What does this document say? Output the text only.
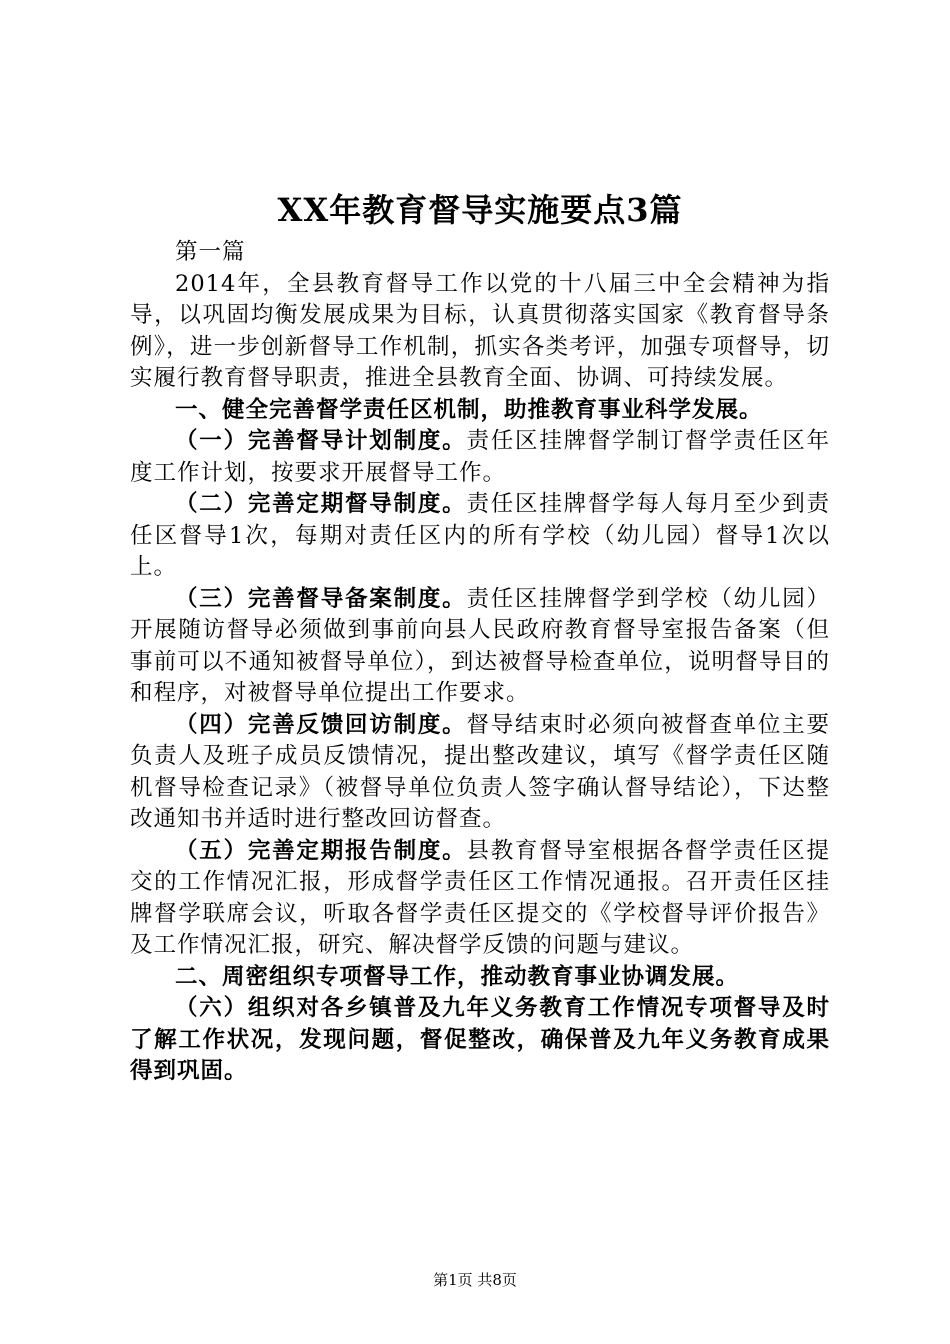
XX年教育督导实施要点3篇

第一篇

2014年，全县教育督导工作以党的十八届三中全会精神为指导，以巩固均衡发展成果为目标，认真贯彻落实国家《教育督导条例》，进一步创新督导工作机制，抓实各类考评，加强专项督导，切实履行教育督导职责，推进全县教育全面、协调、可持续发展。

一、健全完善督学责任区机制，助推教育事业科学发展。

（一）完善督导计划制度。责任区挂牌督学制订督学责任区年度工作计划，按要求开展督导工作。

（二）完善定期督导制度。责任区挂牌督学每人每月至少到责任区督导1次，每期对责任区内的所有学校（幼儿园）督导1次以上。

（三）完善督导备案制度。责任区挂牌督学到学校（幼儿园）开展随访督导必须做到事前向县人民政府教育督导室报告备案（但事前可以不通知被督导单位），到达被督导检查单位，说明督导目的和程序，对被督导单位提出工作要求。

（四）完善反馈回访制度。督导结束时必须向被督查单位主要负责人及班子成员反馈情况，提出整改建议，填写《督学责任区随机督导检查记录》（被督导单位负责人签字确认督导结论），下达整改通知书并适时进行整改回访督查。

（五）完善定期报告制度。县教育督导室根据各督学责任区提交的工作情况汇报，形成督学责任区工作情况通报。召开责任区挂牌督学联席会议，听取各督学责任区提交的《学校督导评价报告》及工作情况汇报，研究、解决督学反馈的问题与建议。

二、周密组织专项督导工作，推动教育事业协调发展。

（六）组织对各乡镇普及九年义务教育工作情况专项督导及时了解工作状况，发现问题，督促整改，确保普及九年义务教育成果得到巩固。

第1页 共8页
